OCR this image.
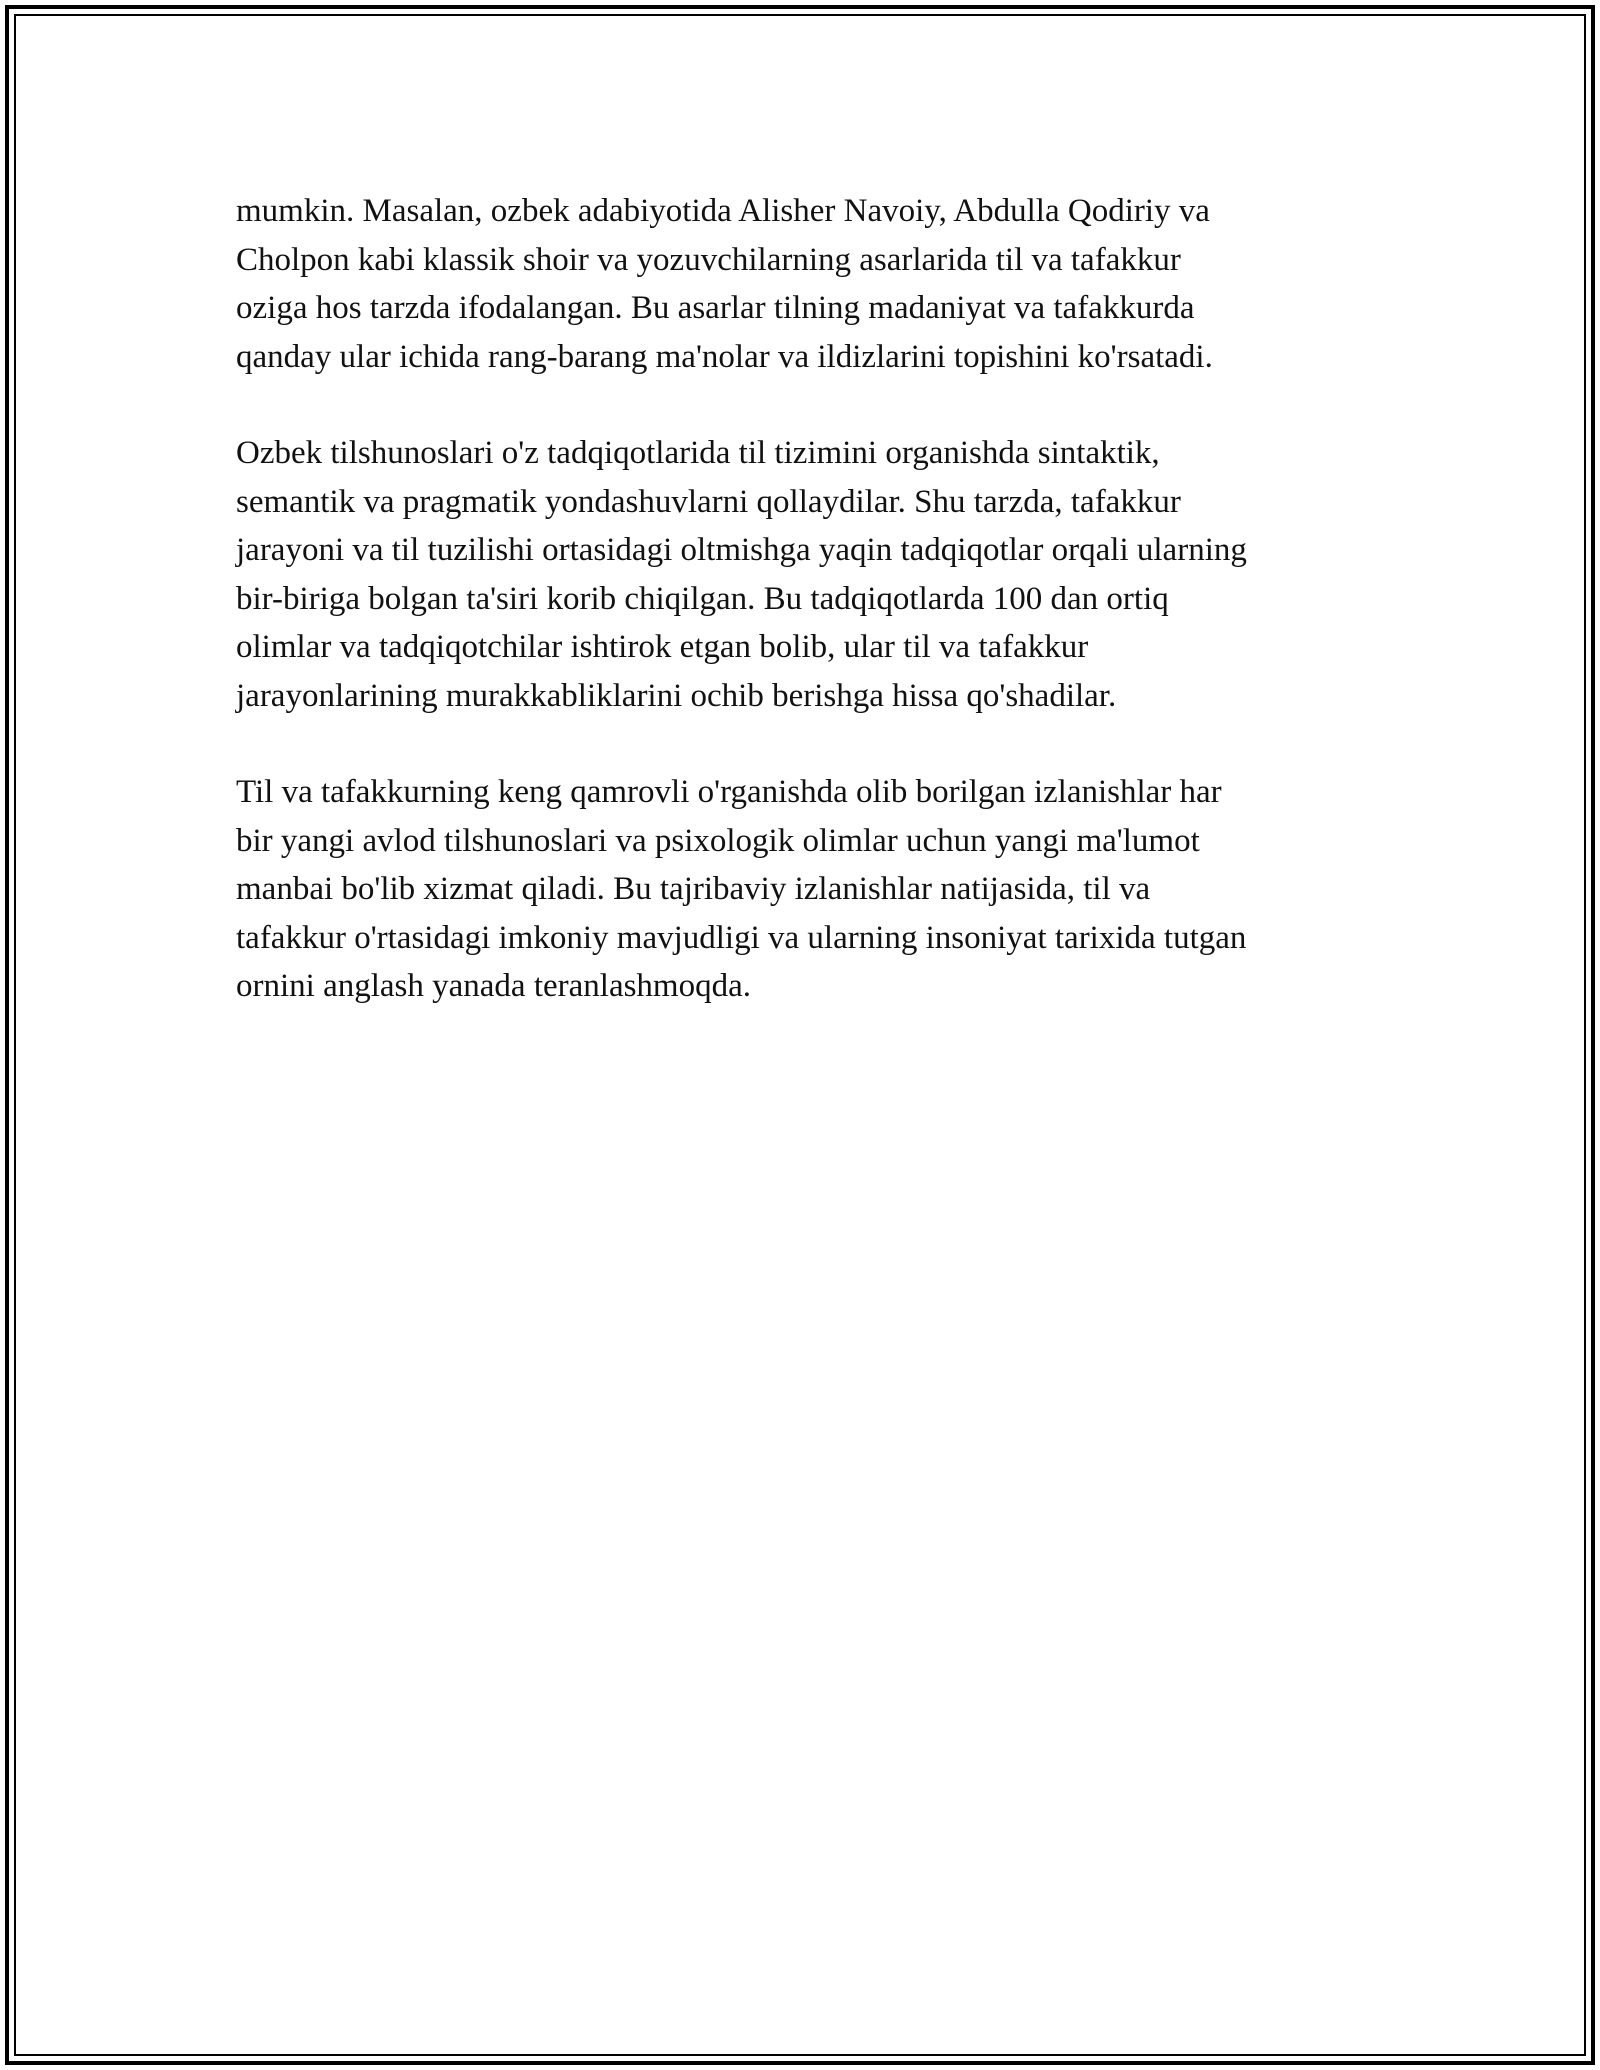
mumkin. Masalan, ozbek adabiyotida Alisher Navoiy, Abdulla Qodiriy va
Cholpon kabi klassik shoir va yozuvchilarning asarlarida til va tafakkur
oziga hos tarzda ifodalangan. Bu asarlar tilning madaniyat va tafakkurda
qanday ular ichida rang-barang ma'nolar va ildizlarini topishini ko'rsatadi.

Ozbek tilshunoslari o'z tadqiqotlarida til tizimini organishda sintaktik,
semantik va pragmatik yondashuvlarni qollaydilar. Shu tarzda, tafakkur
jarayoni va til tuzilishi ortasidagi oltmishga yaqin tadqiqotlar orqali ularning
bir-biriga bolgan ta'siri korib chiqilgan. Bu tadqiqotlarda 100 dan ortiq
olimlar va tadqiqotchilar ishtirok etgan bolib, ular til va tafakkur
jarayonlarining murakkabliklarini ochib berishga hissa qo'shadilar.

Til va tafakkurning keng qamrovli o'rganishda olib borilgan izlanishlar har
bir yangi avlod tilshunoslari va psixologik olimlar uchun yangi ma'lumot
manbai bo'lib xizmat qiladi. Bu tajribaviy izlanishlar natijasida, til va
tafakkur o'rtasidagi imkoniy mavjudligi va ularning insoniyat tarixida tutgan
ornini anglash yanada teranlashmoqda.
